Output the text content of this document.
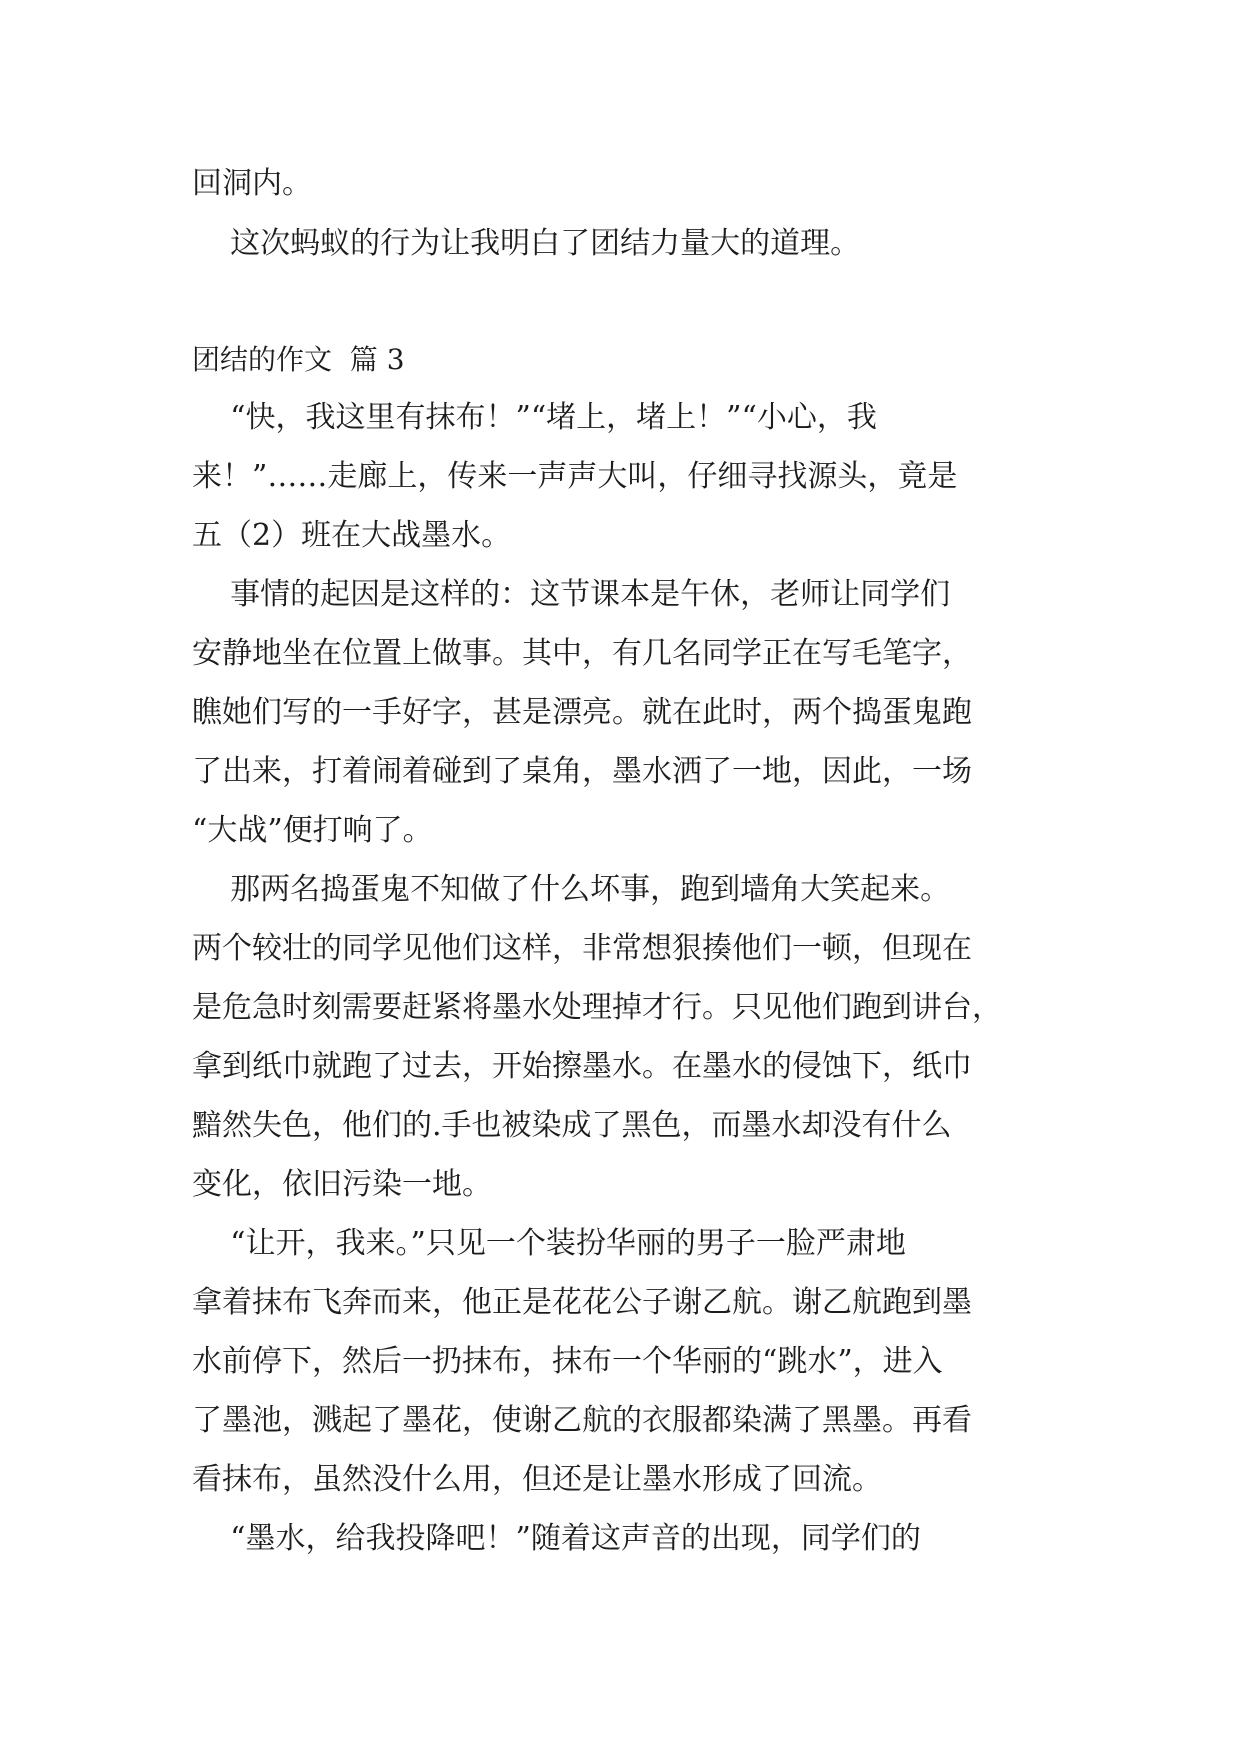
回洞内。
这次蚂蚁的行为让我明白了团结力量大的道理。
团结的作文  篇 3
“快，我这里有抹布！”“堵上，堵上！”“小心，我
来！”……走廊上，传来一声声大叫，仔细寻找源头，竟是
五（2）班在大战墨水。
事情的起因是这样的：这节课本是午休，老师让同学们
安静地坐在位置上做事。其中，有几名同学正在写毛笔字，
瞧她们写的一手好字，甚是漂亮。就在此时，两个捣蛋鬼跑
了出来，打着闹着碰到了桌角，墨水洒了一地，因此，一场
“大战”便打响了。
那两名捣蛋鬼不知做了什么坏事，跑到墙角大笑起来。
两个较壮的同学见他们这样，非常想狠揍他们一顿，但现在
是危急时刻需要赶紧将墨水处理掉才行。只见他们跑到讲台，
拿到纸巾就跑了过去，开始擦墨水。在墨水的侵蚀下，纸巾
黯然失色，他们的.手也被染成了黑色，而墨水却没有什么
变化，依旧污染一地。
“让开，我来。”只见一个装扮华丽的男子一脸严肃地
拿着抹布飞奔而来，他正是花花公子谢乙航。谢乙航跑到墨
水前停下，然后一扔抹布，抹布一个华丽的“跳水”，进入
了墨池，溅起了墨花，使谢乙航的衣服都染满了黑墨。再看
看抹布，虽然没什么用，但还是让墨水形成了回流。
“墨水，给我投降吧！”随着这声音的出现，同学们的
